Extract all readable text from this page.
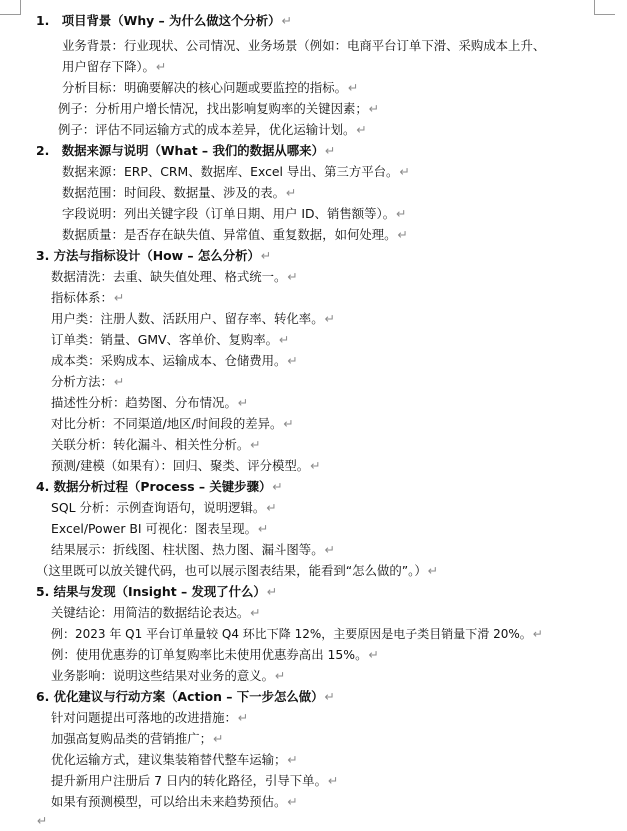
1.　项目背景（Why – 为什么做这个分析）↵
业务背景：行业现状、公司情况、业务场景（例如：电商平台订单下滑、采购成本上升、
用户留存下降）。↵
分析目标：明确要解决的核心问题或要监控的指标。↵
例子：分析用户增长情况，找出影响复购率的关键因素；↵
例子：评估不同运输方式的成本差异，优化运输计划。↵
2.　数据来源与说明（What – 我们的数据从哪来）↵
数据来源：ERP、CRM、数据库、Excel 导出、第三方平台。↵
数据范围：时间段、数据量、涉及的表。↵
字段说明：列出关键字段（订单日期、用户 ID、销售额等）。↵
数据质量：是否存在缺失值、异常值、重复数据，如何处理。↵
3. 方法与指标设计（How – 怎么分析）↵
数据清洗：去重、缺失值处理、格式统一。↵
指标体系：↵
用户类：注册人数、活跃用户、留存率、转化率。↵
订单类：销量、GMV、客单价、复购率。↵
成本类：采购成本、运输成本、仓储费用。↵
分析方法：↵
描述性分析：趋势图、分布情况。↵
对比分析：不同渠道/地区/时间段的差异。↵
关联分析：转化漏斗、相关性分析。↵
预测/建模（如果有）：回归、聚类、评分模型。↵
4. 数据分析过程（Process – 关键步骤）↵
SQL 分析：示例查询语句，说明逻辑。↵
Excel/Power BI 可视化：图表呈现。↵
结果展示：折线图、柱状图、热力图、漏斗图等。↵
（这里既可以放关键代码，也可以展示图表结果，能看到“怎么做的”。）↵
5. 结果与发现（Insight – 发现了什么）↵
关键结论：用简洁的数据结论表达。↵
例：2023 年 Q1 平台订单量较 Q4 环比下降 12%，主要原因是电子类目销量下滑 20%。↵
例：使用优惠券的订单复购率比未使用优惠券高出 15%。↵
业务影响：说明这些结果对业务的意义。↵
6. 优化建议与行动方案（Action – 下一步怎么做）↵
针对问题提出可落地的改进措施：↵
加强高复购品类的营销推广；↵
优化运输方式，建议集装箱替代整车运输；↵
提升新用户注册后 7 日内的转化路径，引导下单。↵
如果有预测模型，可以给出未来趋势预估。↵
↵
